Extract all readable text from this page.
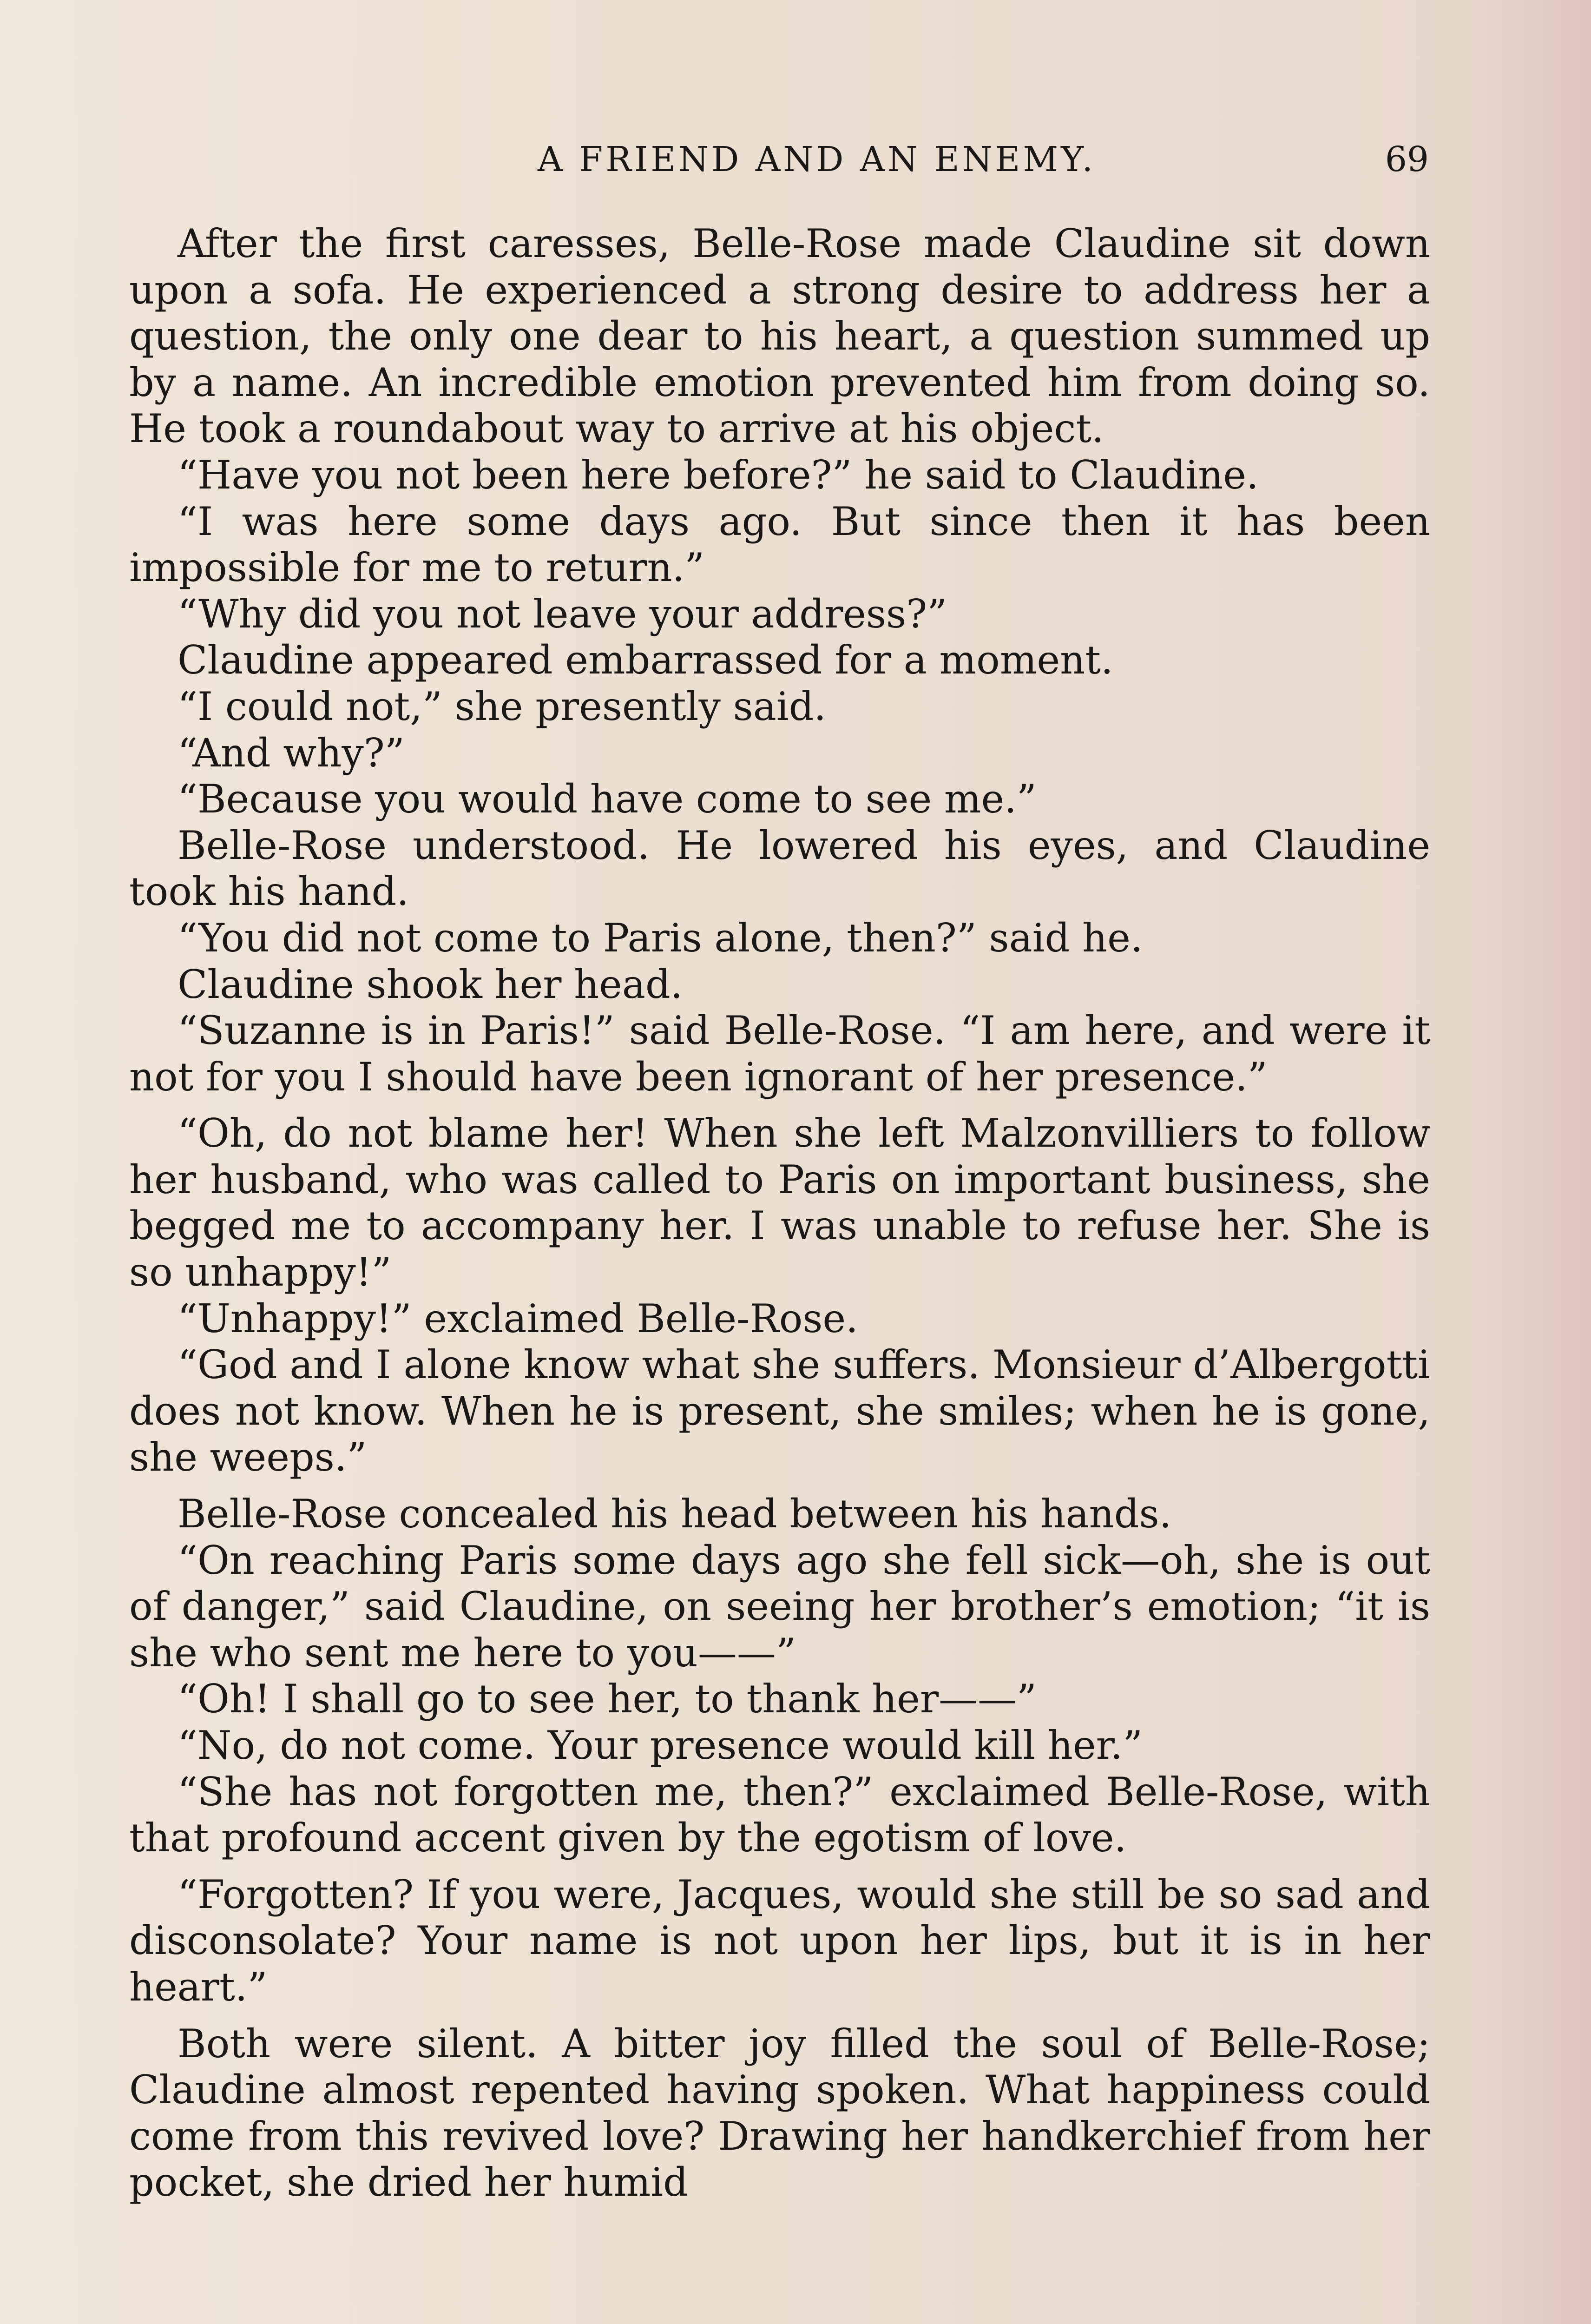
A FRIEND AND AN ENEMY.	69

After the first caresses, Belle-Rose made Claudine sit down upon a sofa. He experienced a strong desire to address her a question, the only one dear to his heart, a question summed up by a name. An incredible emotion prevented him from doing so. He took a roundabout way to arrive at his object.

“Have you not been here before?” he said to Claudine.

“I was here some days ago. But since then it has been impossible for me to return.”

“Why did you not leave your address?”

Claudine appeared embarrassed for a moment.

“I could not,” she presently said.

“And why?”

“Because you would have come to see me.”

Belle-Rose understood. He lowered his eyes, and Claudine took his hand.

“You did not come to Paris alone, then?” said he.

Claudine shook her head.

“Suzanne is in Paris!” said Belle-Rose. “I am here, and were it not for you I should have been ignorant of her presence.”

“Oh, do not blame her! When she left Malzonvilliers to follow her husband, who was called to Paris on important business, she begged me to accompany her. I was unable to refuse her. She is so unhappy!”

“Unhappy!” exclaimed Belle-Rose.

“God and I alone know what she suffers. Monsieur d’Albergotti does not know. When he is present, she smiles; when he is gone, she weeps.”

Belle-Rose concealed his head between his hands.

“On reaching Paris some days ago she fell sick—oh, she is out of danger,” said Claudine, on seeing her brother’s emotion; “it is she who sent me here to you——”

“Oh! I shall go to see her, to thank her——”

“No, do not come. Your presence would kill her.”

“She has not forgotten me, then?” exclaimed Belle-Rose, with that profound accent given by the egotism of love.

“Forgotten? If you were, Jacques, would she still be so sad and disconsolate? Your name is not upon her lips, but it is in her heart.”

Both were silent. A bitter joy filled the soul of Belle-Rose; Claudine almost repented having spoken. What happiness could come from this revived love? Drawing her handkerchief from her pocket, she dried her humid
